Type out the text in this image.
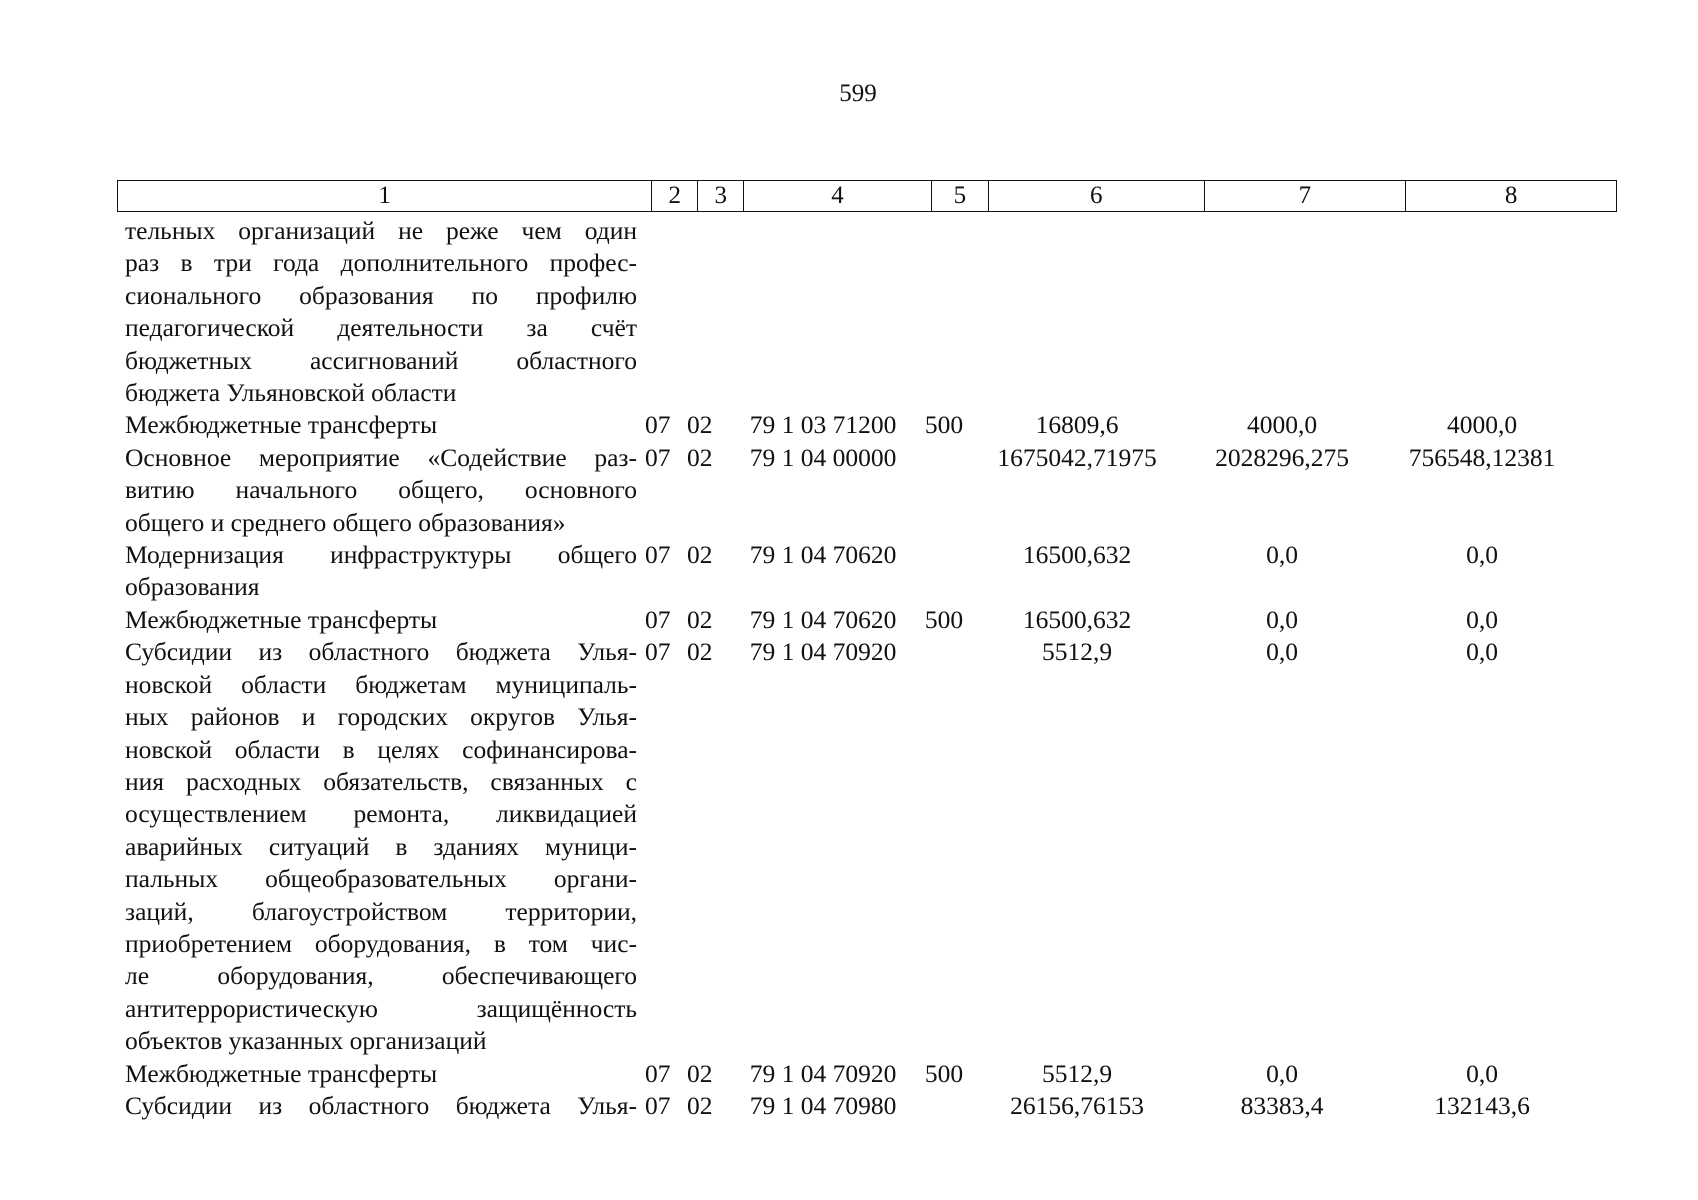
599
1	2	3	4	5	6	7	8
тельных организаций не реже чем один
раз в три года дополнительного профес-
сионального образования по профилю
педагогической деятельности за счёт
бюджетных ассигнований областного
бюджета Ульяновской области
Межбюджетные трансферты	07 02	79 1 03 71200	500	16809,6	4000,0	4000,0
Основное мероприятие «Содействие раз-
витию начального общего, основного
общего и среднего общего образования»
07 02	79 1 04 00000	1675042,71975	2028296,275	756548,12381
Модернизация инфраструктуры общего
образования
07 02	79 1 04 70620	16500,632	0,0	0,0
Межбюджетные трансферты	07 02	79 1 04 70620	500	16500,632	0,0	0,0
Субсидии из областного бюджета Улья-
новской области бюджетам муниципаль-
ных районов и городских округов Улья-
новской области в целях софинансирова-
ния расходных обязательств, связанных с
осуществлением ремонта, ликвидацией
аварийных ситуаций в зданиях муници-
пальных общеобразовательных органи-
заций, благоустройством территории,
приобретением оборудования, в том чис-
ле оборудования, обеспечивающего
антитеррористическую защищённость
объектов указанных организаций
07 02	79 1 04 70920	5512,9	0,0	0,0
Межбюджетные трансферты	07 02	79 1 04 70920	500	5512,9	0,0	0,0
Субсидии из областного бюджета Улья- 07 02	79 1 04 70980	26156,76153	83383,4	132143,6
